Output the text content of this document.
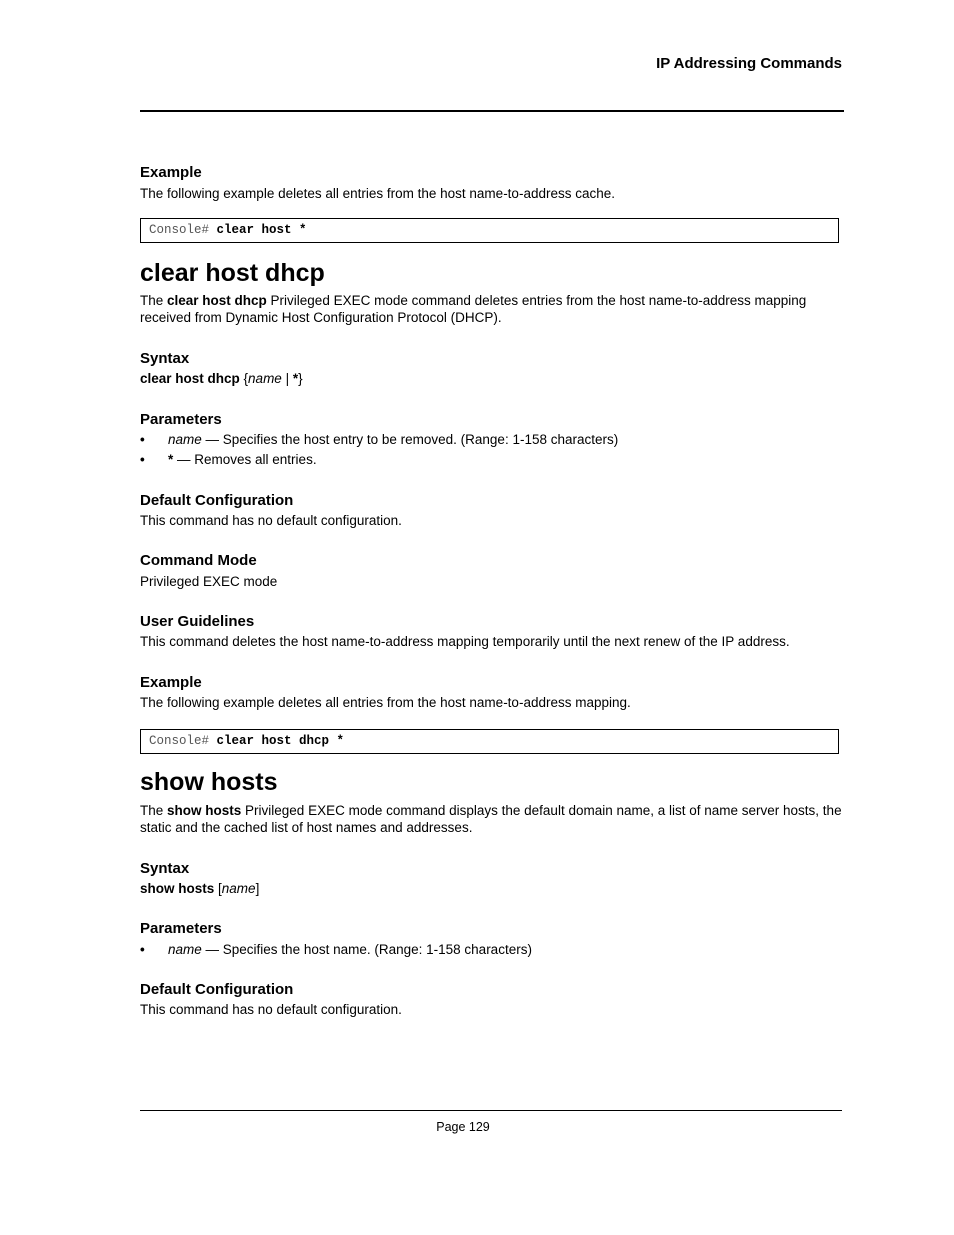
IP Addressing Commands
Example
The following example deletes all entries from the host name-to-address cache.
Console# clear host *
clear host dhcp
The clear host dhcp Privileged EXEC mode command deletes entries from the host name-to-address mapping received from Dynamic Host Configuration Protocol (DHCP).
Syntax
clear host dhcp {name | *}
Parameters
• name — Specifies the host entry to be removed. (Range: 1-158 characters)
• * — Removes all entries.
Default Configuration
This command has no default configuration.
Command Mode
Privileged EXEC mode
User Guidelines
This command deletes the host name-to-address mapping temporarily until the next renew of the IP address.
Example
The following example deletes all entries from the host name-to-address mapping.
Console# clear host dhcp *
show hosts
The show hosts Privileged EXEC mode command displays the default domain name, a list of name server hosts, the static and the cached list of host names and addresses.
Syntax
show hosts [name]
Parameters
• name — Specifies the host name. (Range: 1-158 characters)
Default Configuration
This command has no default configuration.
Page 129
